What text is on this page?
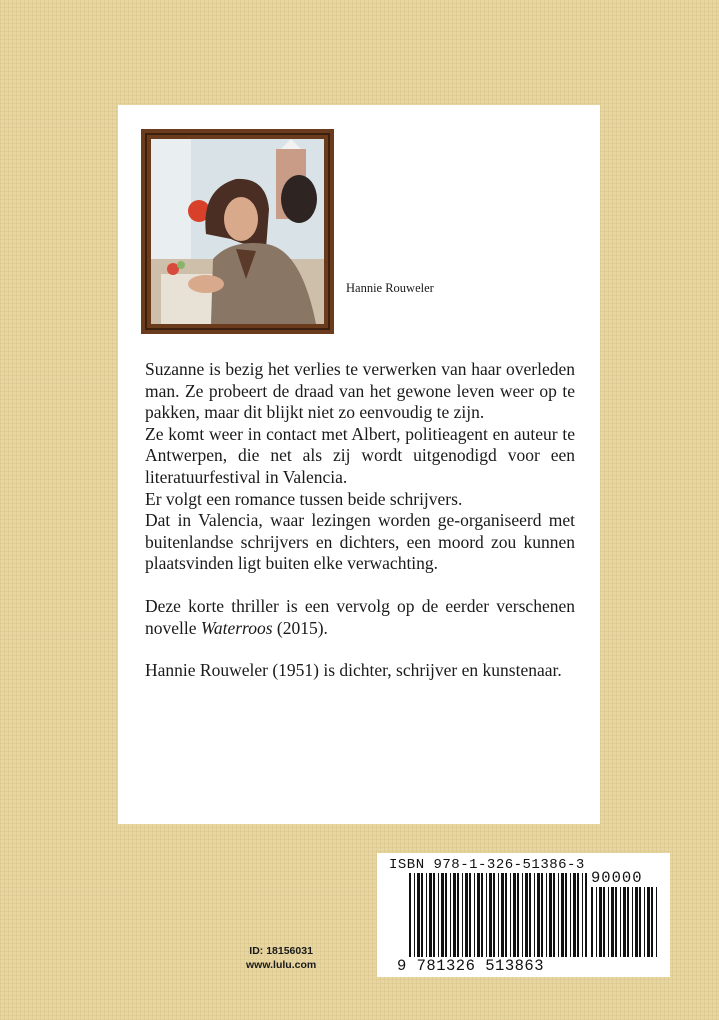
Hannie Rouweler

Suzanne is bezig het verlies te verwerken van haar overleden man. Ze probeert de draad van het gewone leven weer op te pakken, maar dit blijkt niet zo eenvoudig te zijn.

Ze komt weer in contact met Albert, politieagent en auteur te Antwerpen, die net als zij wordt uitgenodigd voor een literatuurfestival in Valencia.

Er volgt een romance tussen beide schrijvers.

Dat in Valencia, waar lezingen worden ge-organiseerd met buitenlandse schrijvers en dichters, een moord zou kunnen plaatsvinden ligt buiten elke verwachting.

Deze korte thriller is een vervolg op de eerder verschenen novelle Waterroos (2015).

Hannie Rouweler (1951) is dichter, schrijver en kunstenaar.

ID: 18156031
www.lulu.com
ISBN 978-1-326-51386-3
90000
9 781326 513863
